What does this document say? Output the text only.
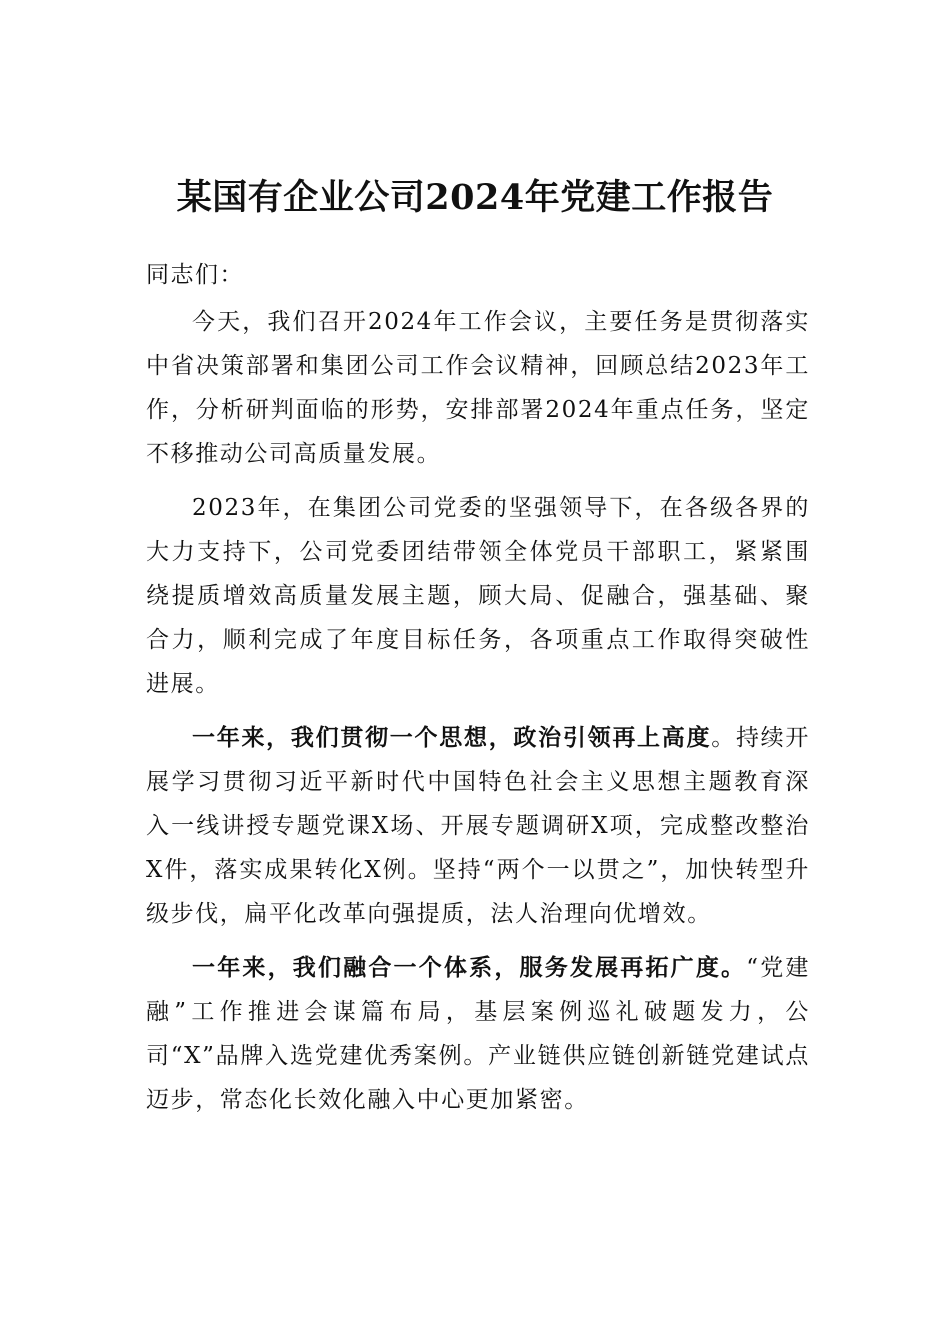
某国有企业公司2024年党建工作报告

同志们：

今天，我们召开2024年工作会议，主要任务是贯彻落实中省决策部署和集团公司工作会议精神，回顾总结2023年工作，分析研判面临的形势，安排部署2024年重点任务，坚定不移推动公司高质量发展。

2023年，在集团公司党委的坚强领导下，在各级各界的大力支持下，公司党委团结带领全体党员干部职工，紧紧围绕提质增效高质量发展主题，顾大局、促融合，强基础、聚合力，顺利完成了年度目标任务，各项重点工作取得突破性进展。

一年来，我们贯彻一个思想，政治引领再上高度。持续开展学习贯彻习近平新时代中国特色社会主义思想主题教育深入一线讲授专题党课X场、开展专题调研X项，完成整改整治X件，落实成果转化X例。坚持“两个一以贯之”，加快转型升级步伐，扁平化改革向强提质，法人治理向优增效。

一年来，我们融合一个体系，服务发展再拓广度。“党建融”工作推进会谋篇布局，基层案例巡礼破题发力，公司“X”品牌入选党建优秀案例。产业链供应链创新链党建试点迈步，常态化长效化融入中心更加紧密。
